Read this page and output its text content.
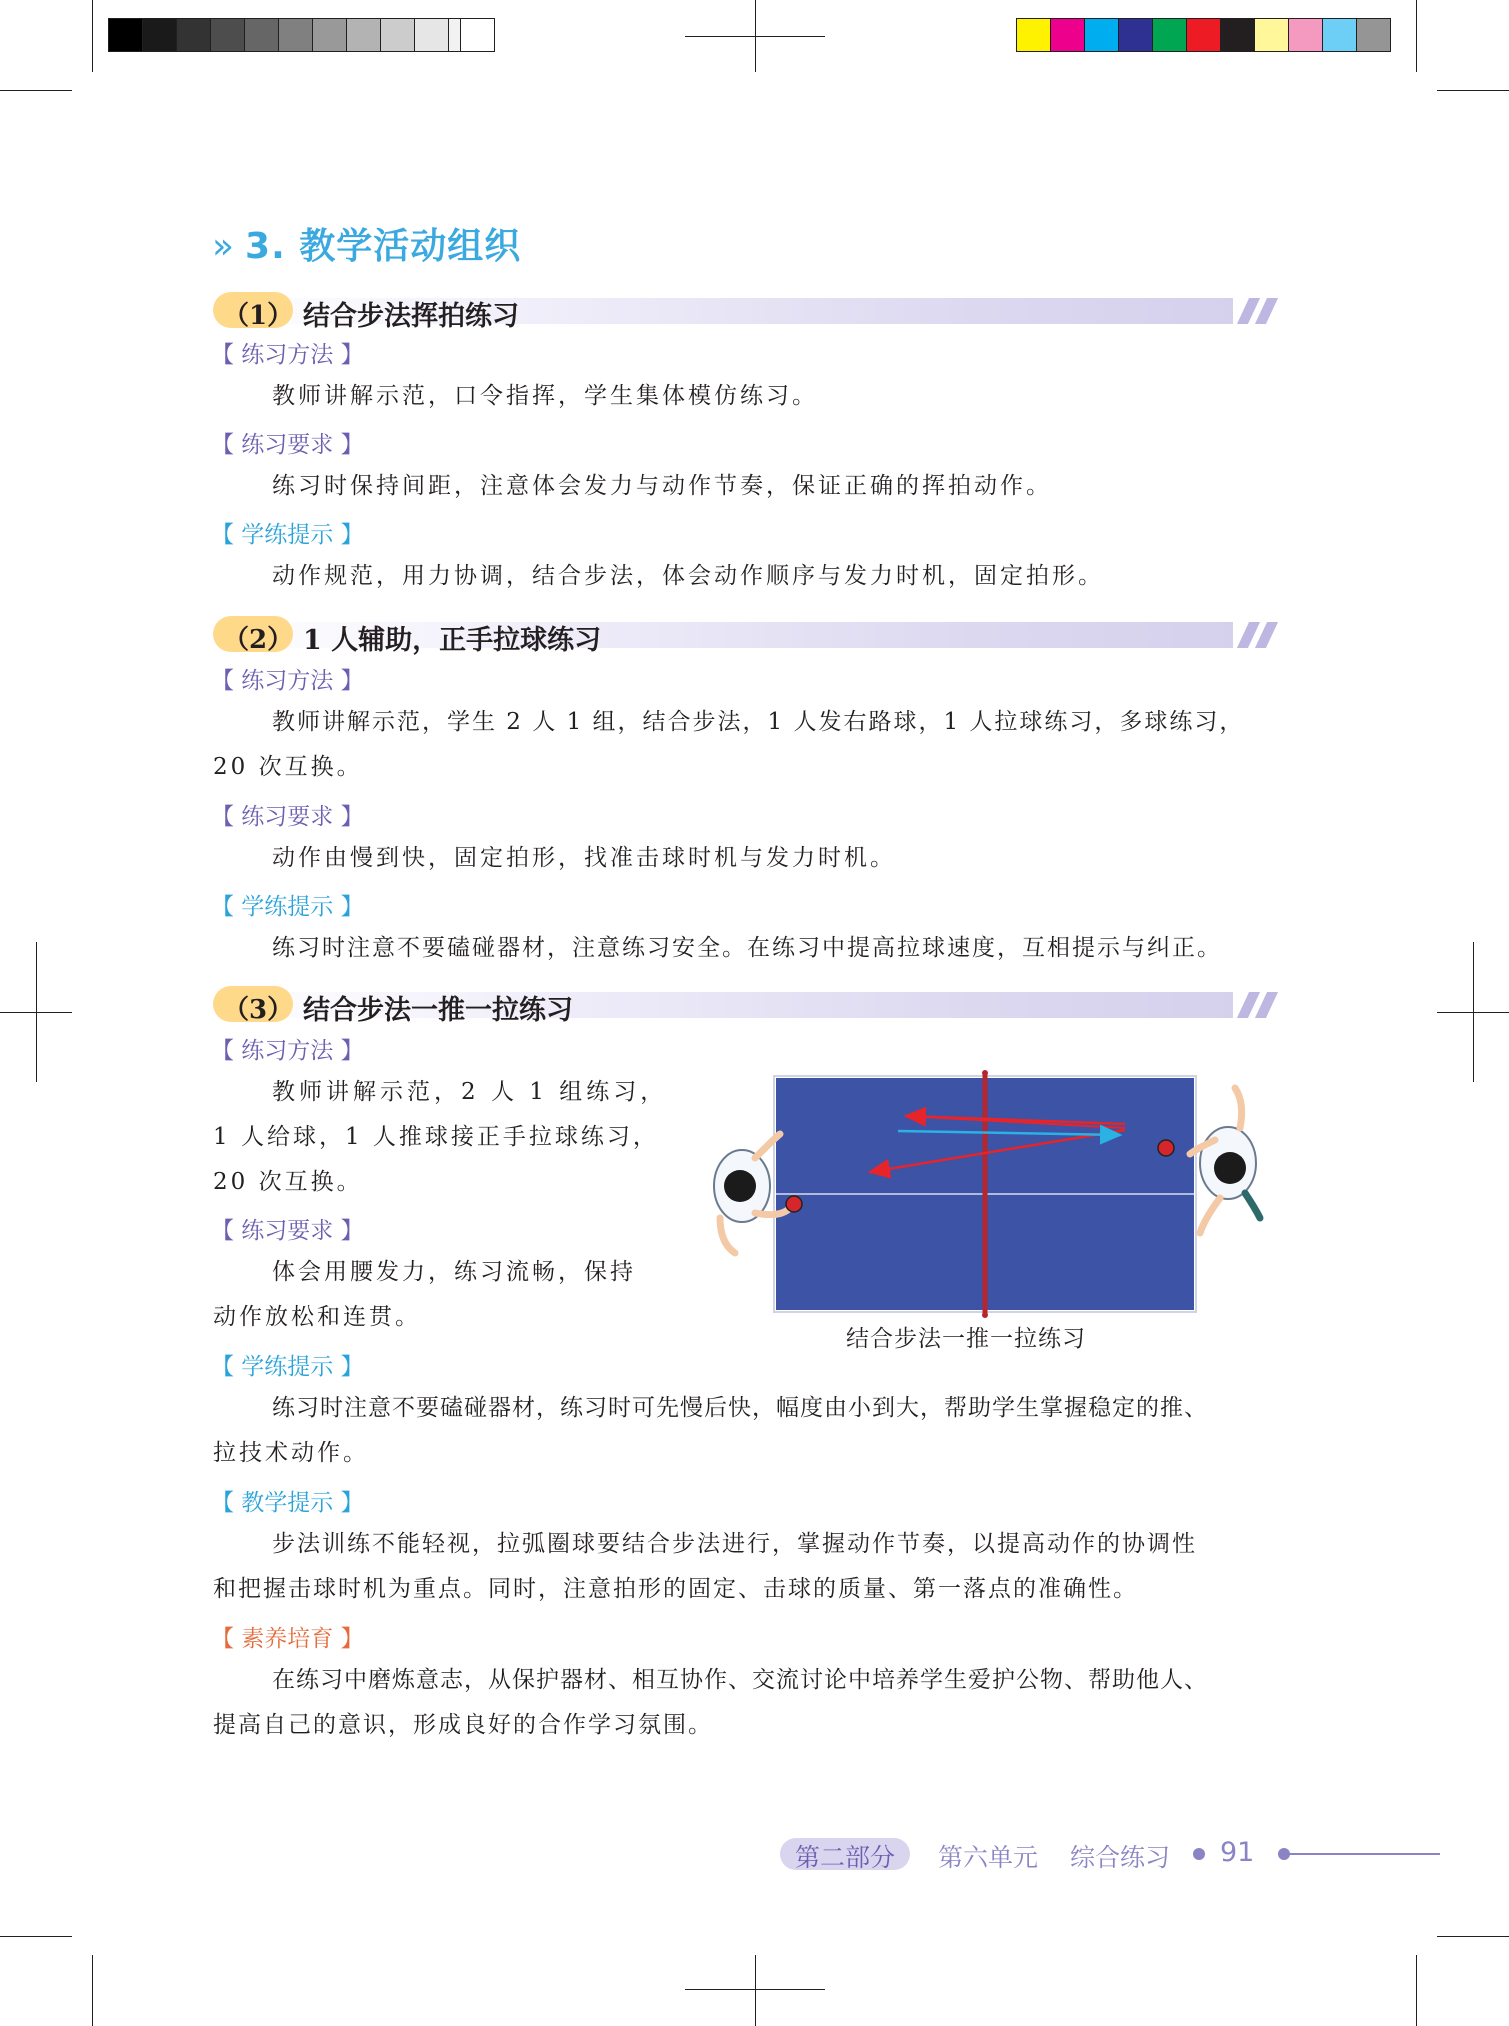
» 3. 教学活动组织
（1） 结合步法挥拍练习
【 练习方法 】
教师讲解示范，口令指挥，学生集体模仿练习。
【 练习要求 】
练习时保持间距，注意体会发力与动作节奏，保证正确的挥拍动作。
【 学练提示 】
动作规范，用力协调，结合步法，体会动作顺序与发力时机，固定拍形。
（2） 1 人辅助，正手拉球练习
【 练习方法 】
教师讲解示范，学生 2 人 1 组，结合步法，1 人发右路球，1 人拉球练习，多球练习，
20 次互换。
【 练习要求 】
动作由慢到快，固定拍形，找准击球时机与发力时机。
【 学练提示 】
练习时注意不要磕碰器材，注意练习安全。在练习中提高拉球速度，互相提示与纠正。
（3） 结合步法一推一拉练习
【 练习方法 】
教师讲解示范，2 人 1 组练习，
1 人给球，1 人推球接正手拉球练习，
20 次互换。
【 练习要求 】
体会用腰发力，练习流畅，保持
动作放松和连贯。
结合步法一推一拉练习
【 学练提示 】
练习时注意不要磕碰器材，练习时可先慢后快，幅度由小到大，帮助学生掌握稳定的推、
拉技术动作。
【 教学提示 】
步法训练不能轻视，拉弧圈球要结合步法进行，掌握动作节奏，以提高动作的协调性
和把握击球时机为重点。同时，注意拍形的固定、击球的质量、第一落点的准确性。
【 素养培育 】
在练习中磨炼意志，从保护器材、相互协作、交流讨论中培养学生爱护公物、帮助他人、
提高自己的意识，形成良好的合作学习氛围。
第二部分 第六单元 综合练习 91
